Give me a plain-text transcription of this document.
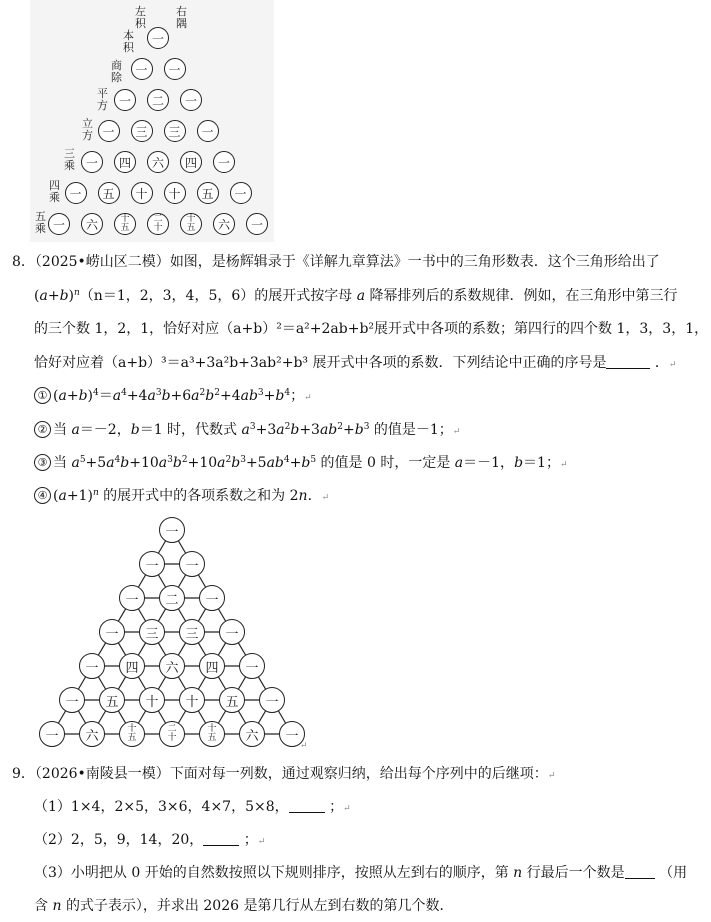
左积
右隅
本积
商除
平方
立方
三乘
四乘
五乘
一
一	一
一	二	一
一	三	三	一
一	四	六	四	一
一	五	十	十	五	一
一	六	十
五
二
十
十
五	六	一
8．（2025•崂山区二模）如图，是杨辉辑录于《详解九章算法》一书中的三角形数表．这个三角形给出了
$(a+b)^n(n=1$，2，3，4，5，6）的展开式按字母 a 降幂排列后的系数规律．例如，在三角形中第三行
的三个数 1，2，1，恰好对应（a+b）²＝a²+2ab+b²展开式中各项的系数；第四行的四个数 1，3，3，1，
恰好对应着（a+b）³＝a³+3a²b+3ab²+b³ 展开式中各项的系数．下列结论中正确的序号是	．↵
① $(a+b)^4=a^4+4a^3b+6a^2b^2+4ab^3+b^4$；↵
② 当 a＝－2，b＝1 时，代数式 $a^3+3a^2b+3ab^2+b^3$ 的值是－1；↵
③ 当 $a^5+5a^4b+10a^3b^2+10a^2b^3+5ab^4+b^5$ 的值是 0 时，一定是 a＝－1，b＝1；↵
④ $(a+1)^n$ 的展开式中的各项系数之和为 2n．↵
一
一	一
一	二	一
一	三	三	一
一	四	六	四	一
一	五	十	十	五	一
一	六	十
五
二
十
十
五	六	一
↵
9．（2026•南陵县一模）下面对每一列数，通过观察归纳，给出每个序列中的后继项：↵
（1）1×4，2×5，3×6，4×7，5×8，	；↵
（2）2，5，9，14，20，	；↵
（3）小明把从 0 开始的自然数按照以下规则排序，按照从左到右的顺序，第 n 行最后一个数是 （用
含 n 的式子表示），并求出 2026 是第几行从左到右数的第几个数．
